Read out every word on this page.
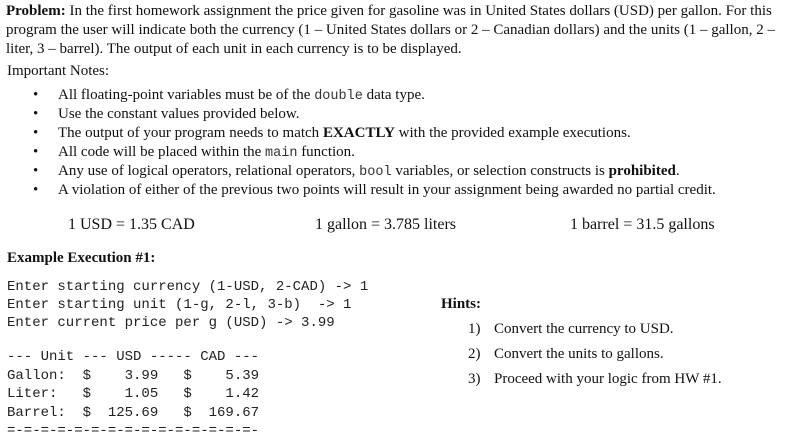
Problem: In the first homework assignment the price given for gasoline was in United States dollars (USD) per gallon. For this program the user will indicate both the currency (1 – United States dollars or 2 – Canadian dollars) and the units (1 – gallon, 2 – liter, 3 – barrel). The output of each unit in each currency is to be displayed.
Important Notes:
• All floating-point variables must be of the double data type.
• Use the constant values provided below.
• The output of your program needs to match EXACTLY with the provided example executions.
• All code will be placed within the main function.
• Any use of logical operators, relational operators, bool variables, or selection constructs is prohibited.
• A violation of either of the previous two points will result in your assignment being awarded no partial credit.
1 USD = 1.35 CAD	1 gallon = 3.785 liters	1 barrel = 31.5 gallons
Example Execution #1:
Enter starting currency (1-USD, 2-CAD) -> 1
Enter starting unit (1-g, 2-l, 3-b)  -> 1
Enter current price per g (USD) -> 3.99
--- Unit --- USD ----- CAD ---
Gallon:  $    3.99   $    5.39
Liter:   $    1.05   $    1.42
Barrel:  $  125.69   $  169.67
=-=-=-=-=-=-=-=-=-=-=-=-=-=-=-
Hints:
1) Convert the currency to USD.
2) Convert the units to gallons.
3) Proceed with your logic from HW #1.
